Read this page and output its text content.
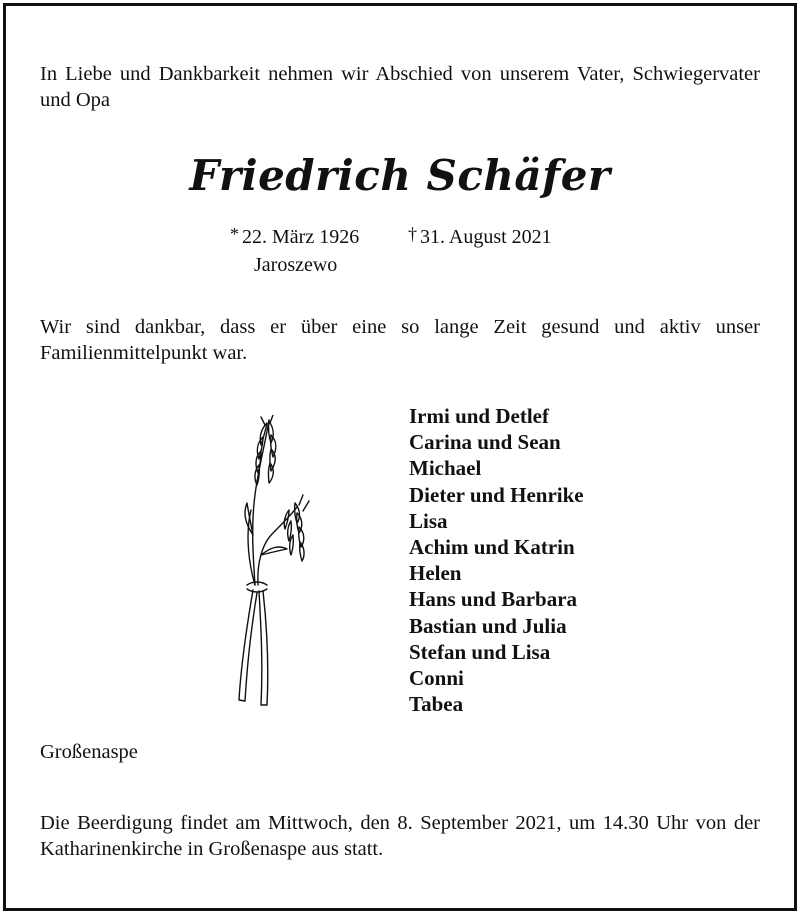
In Liebe und Dankbarkeit nehmen wir Abschied von unserem Vater, Schwiegervater und Opa

Friedrich Schäfer
* 22. März 1926	† 31. August 2021
Jaroszewo

Wir sind dankbar, dass er über eine so lange Zeit gesund und aktiv unser Familienmittelpunkt war.

Irmi und Detlef
Carina und Sean
Michael
Dieter und Henrike
Lisa
Achim und Katrin
Helen
Hans und Barbara
Bastian und Julia
Stefan und Lisa
Conni
Tabea
Großenaspe

Die Beerdigung findet am Mittwoch, den 8. September 2021, um 14.30 Uhr von der Katharinenkirche in Großenaspe aus statt.
